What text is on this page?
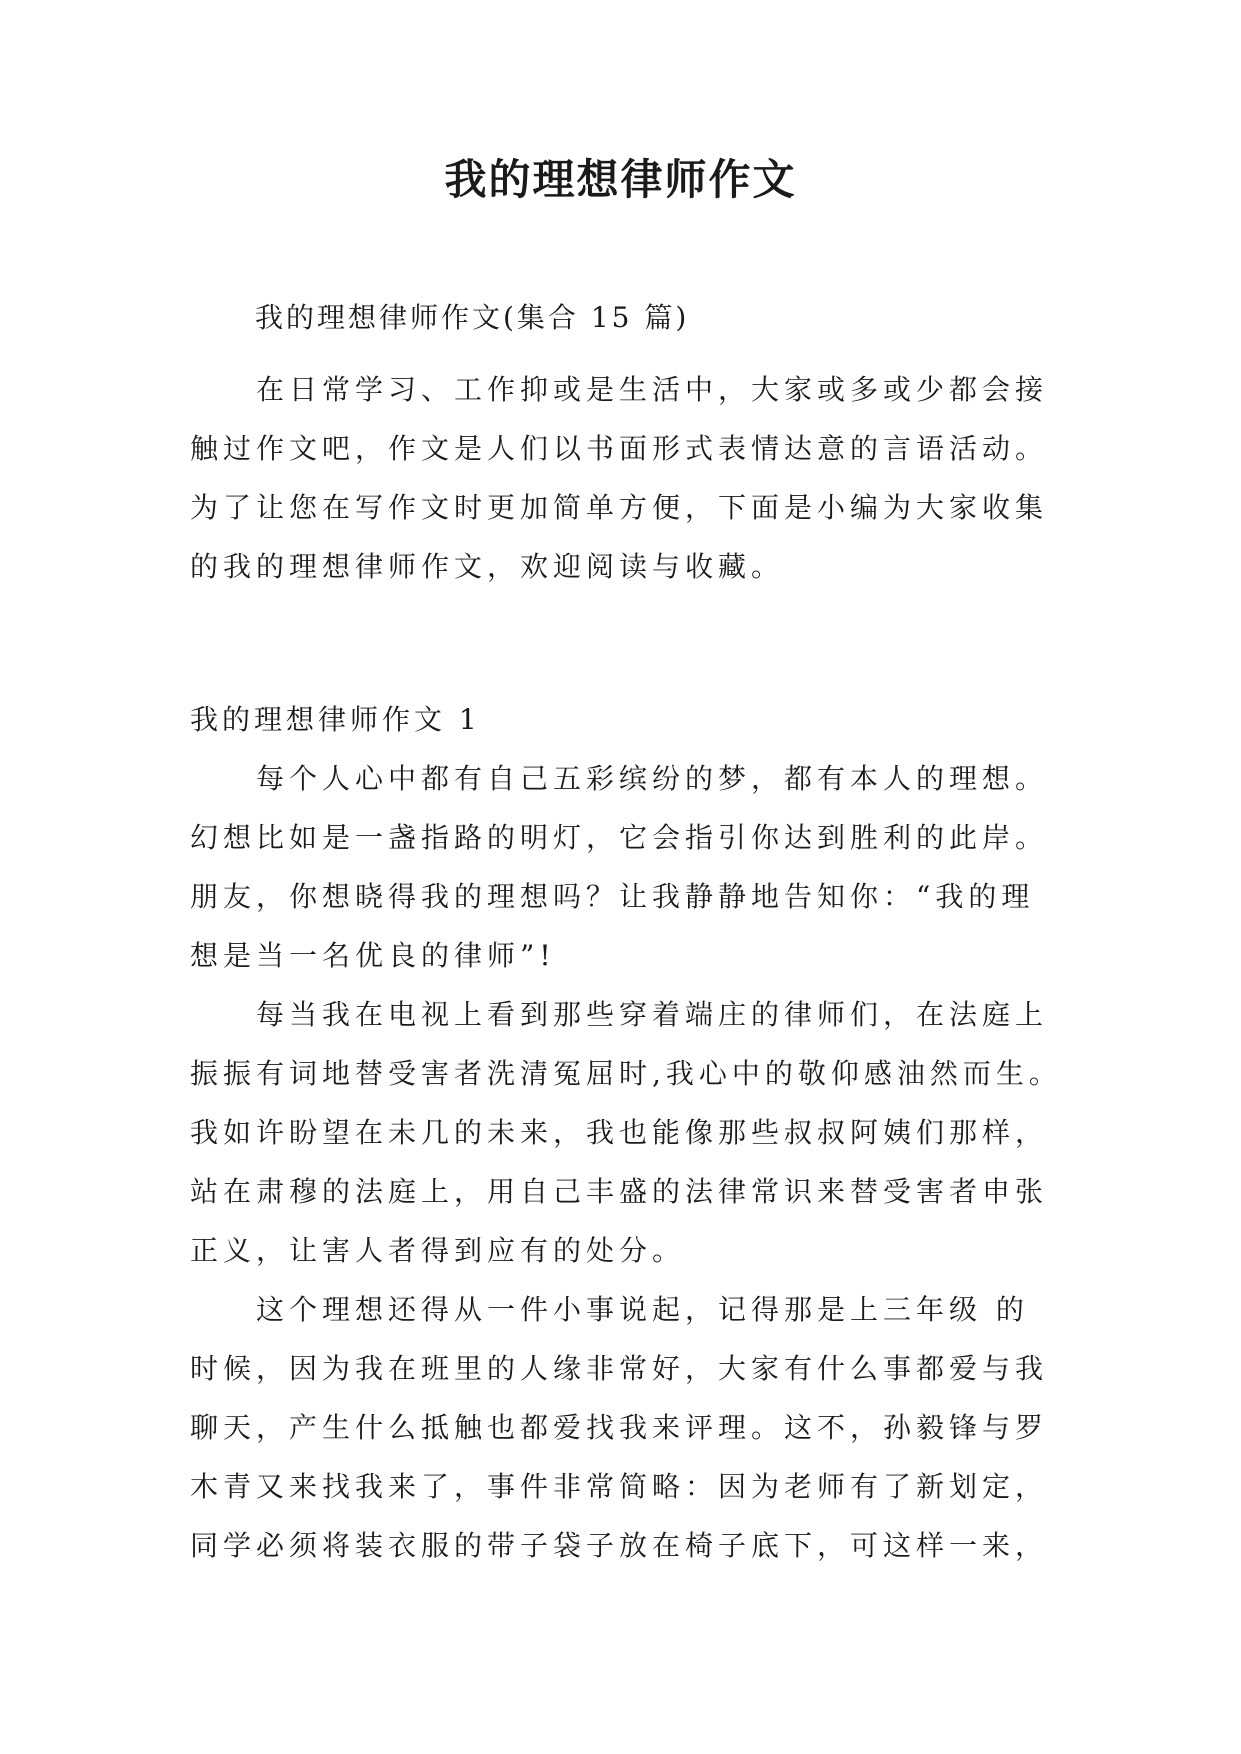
我的理想律师作文
我的理想律师作文(集合 15 篇)
在日常学习、工作抑或是生活中，大家或多或少都会接
触过作文吧，作文是人们以书面形式表情达意的言语活动。
为了让您在写作文时更加简单方便，下面是小编为大家收集
的我的理想律师作文，欢迎阅读与收藏。
我的理想律师作文 1
每个人心中都有自己五彩缤纷的梦，都有本人的理想。
幻想比如是一盏指路的明灯，它会指引你达到胜利的此岸。
朋友，你想晓得我的理想吗？让我静静地告知你：“我的理
想是当一名优良的律师”!
每当我在电视上看到那些穿着端庄的律师们，在法庭上
振振有词地替受害者洗清冤屈时,我心中的敬仰感油然而生。
我如许盼望在未几的未来，我也能像那些叔叔阿姨们那样，
站在肃穆的法庭上，用自己丰盛的法律常识来替受害者申张
正义，让害人者得到应有的处分。
这个理想还得从一件小事说起，记得那是上三年级 的
时候，因为我在班里的人缘非常好，大家有什么事都爱与我
聊天，产生什么抵触也都爱找我来评理。这不，孙毅锋与罗
木青又来找我来了，事件非常简略：因为老师有了新划定，
同学必须将装衣服的带子袋子放在椅子底下，可这样一来，
